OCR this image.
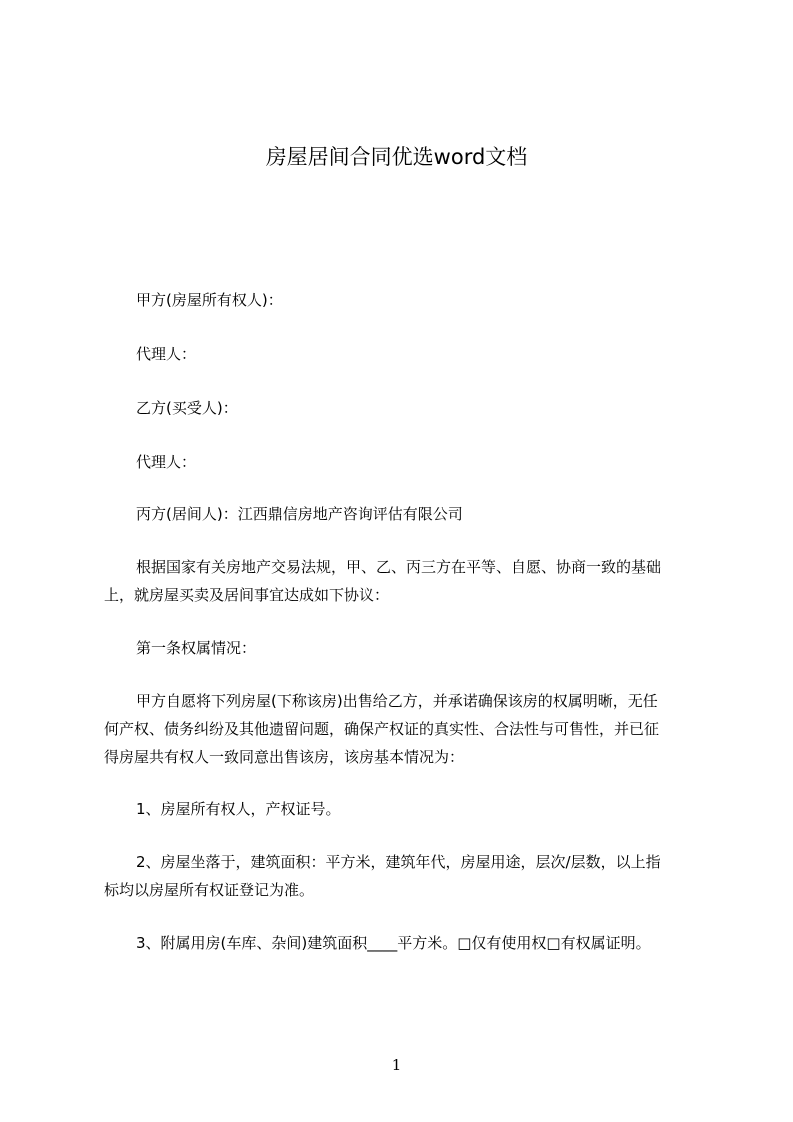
房屋居间合同优选word文档

甲方(房屋所有权人)：

代理人：

乙方(买受人)：

代理人：

丙方(居间人)：江西鼎信房地产咨询评估有限公司

根据国家有关房地产交易法规，甲、乙、丙三方在平等、自愿、协商一致的基础
上，就房屋买卖及居间事宜达成如下协议：

第一条权属情况：

甲方自愿将下列房屋(下称该房)出售给乙方，并承诺确保该房的权属明晰，无任
何产权、债务纠纷及其他遗留问题，确保产权证的真实性、合法性与可售性，并已征
得房屋共有权人一致同意出售该房，该房基本情况为：

1、房屋所有权人，产权证号。

2、房屋坐落于，建筑面积：平方米，建筑年代，房屋用途，层次/层数，以上指
标均以房屋所有权证登记为准。

3、附属用房(车库、杂间)建筑面积____平方米。□仅有使用权□有权属证明。

1
